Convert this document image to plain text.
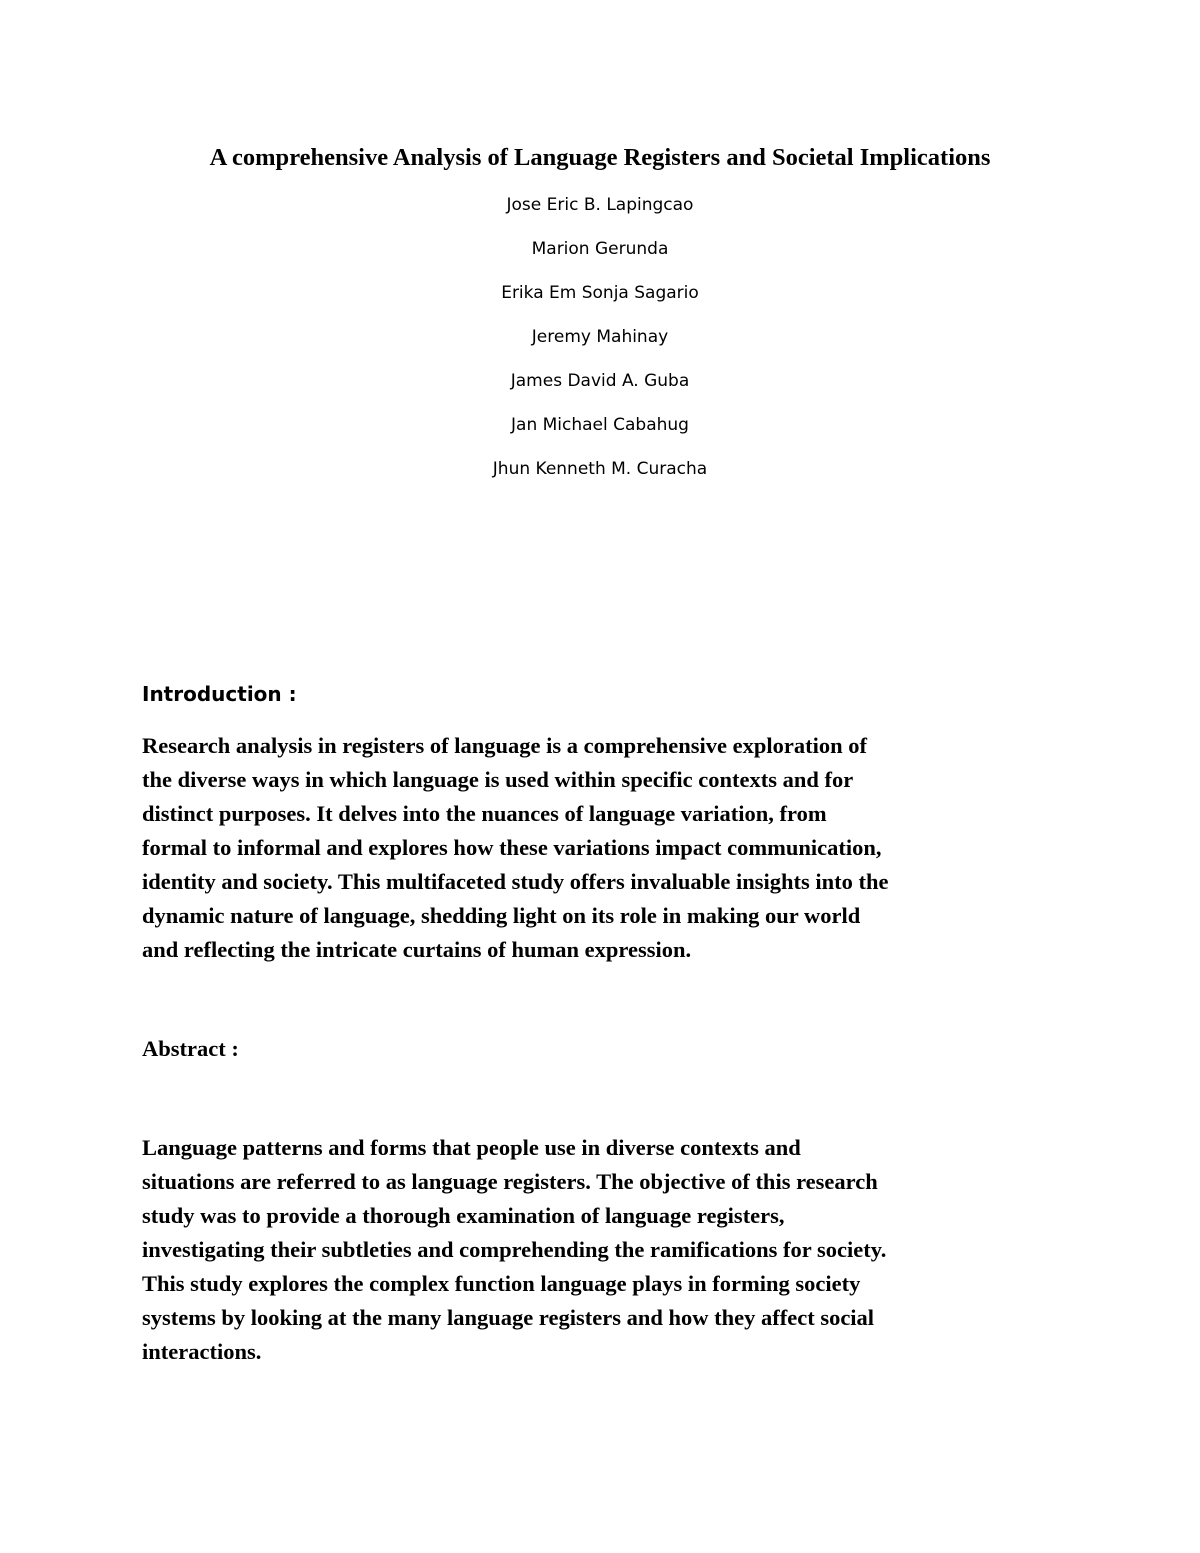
A comprehensive Analysis of Language Registers and Societal Implications
Jose Eric B. Lapingcao
Marion Gerunda
Erika Em Sonja Sagario
Jeremy Mahinay
James David A. Guba
Jan Michael Cabahug
Jhun Kenneth M. Curacha
Introduction :

Research analysis in registers of language is a comprehensive exploration of
the diverse ways in which language is used within specific contexts and for
distinct purposes. It delves into the nuances of language variation, from
formal to informal and explores how these variations impact communication,
identity and society. This multifaceted study offers invaluable insights into the
dynamic nature of language, shedding light on its role in making our world
and reflecting the intricate curtains of human expression.

Abstract :

Language patterns and forms that people use in diverse contexts and
situations are referred to as language registers. The objective of this research
study was to provide a thorough examination of language registers,
investigating their subtleties and comprehending the ramifications for society.
This study explores the complex function language plays in forming society
systems by looking at the many language registers and how they affect social
interactions.
